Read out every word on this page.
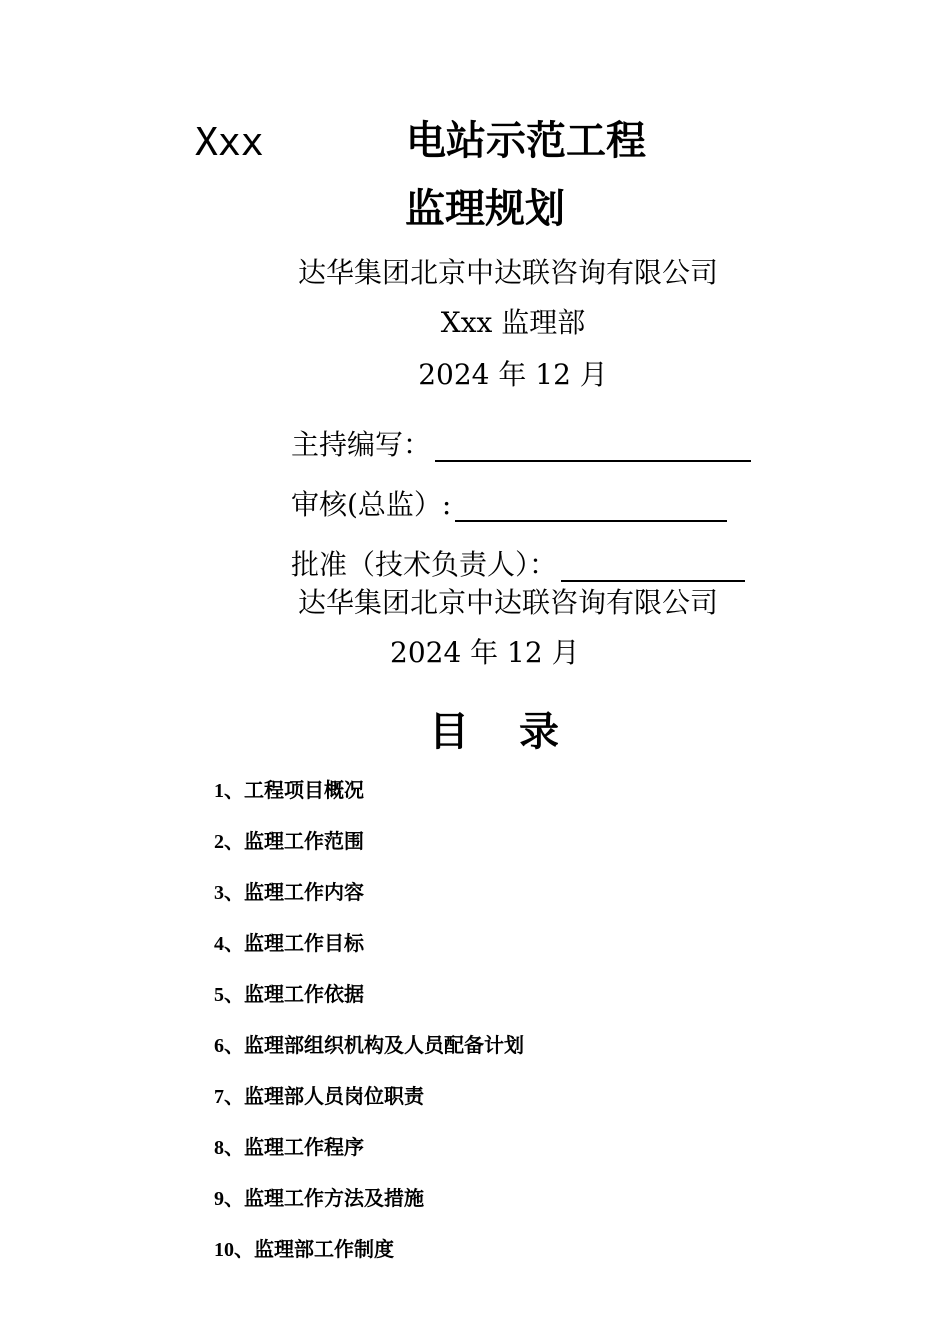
Xxx	电站示范工程
监理规划
达华集团北京中达联咨询有限公司
Xxx 监理部
2024 年 12 月
主持编写：
审核(总监）:
批准（技术负责人）：
达华集团北京中达联咨询有限公司
2024 年 12 月
目 录
1、工程项目概况
2、监理工作范围
3、监理工作内容
4、监理工作目标
5、监理工作依据
6、监理部组织机构及人员配备计划
7、监理部人员岗位职责
8、监理工作程序
9、监理工作方法及措施
10、监理部工作制度
